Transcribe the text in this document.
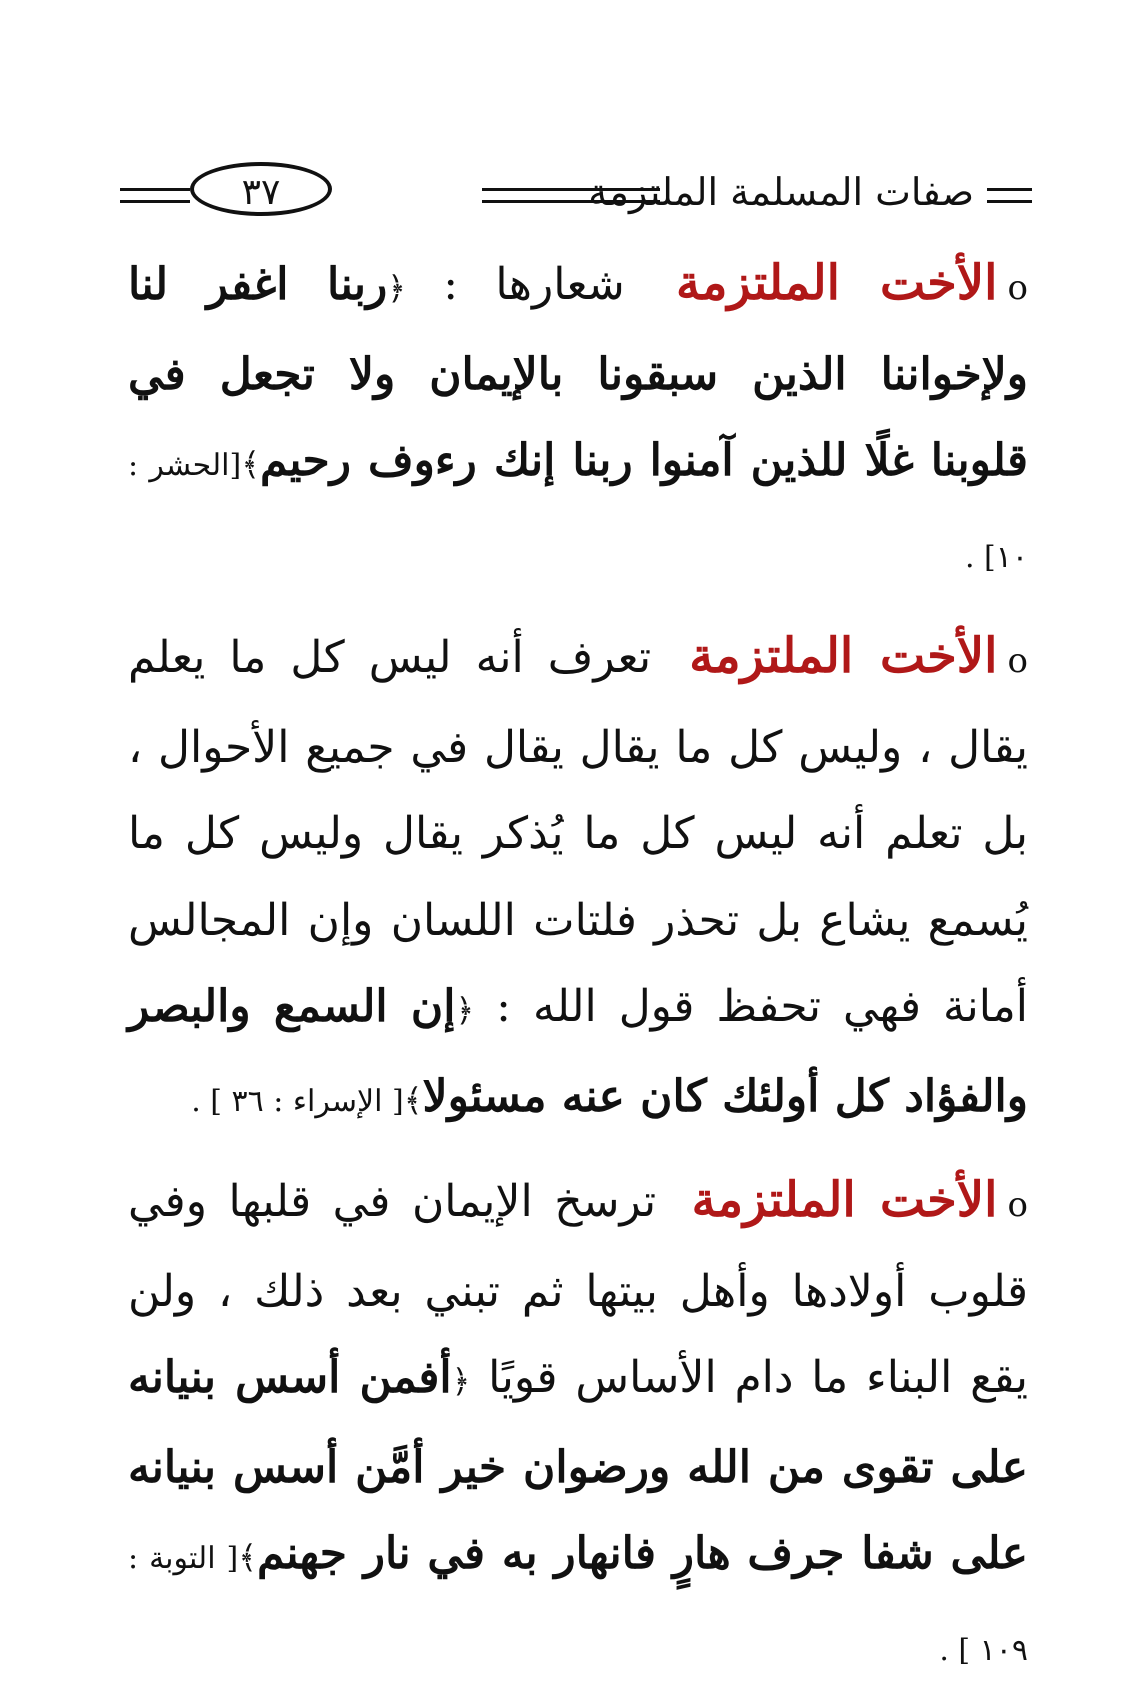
صفات المسلمة الملتزمة
٣٧

oالأخت الملتزمة شعارها : ﴿ربنا اغفر لنا ولإخواننا الذين سبقونا بالإيمان ولا تجعل في قلوبنا غلًا للذين آمنوا ربنا إنك رءوف رحيم﴾[الحشر : ١٠] .

oالأخت الملتزمة تعرف أنه ليس كل ما يعلم يقال ، وليس كل ما يقال يقال في جميع الأحوال ، بل تعلم أنه ليس كل ما يُذكر يقال وليس كل ما يُسمع يشاع بل تحذر فلتات اللسان وإن المجالس أمانة فهي تحفظ قول الله : ﴿إن السمع والبصر والفؤاد كل أولئك كان عنه مسئولا﴾[ الإسراء : ٣٦ ] .

oالأخت الملتزمة ترسخ الإيمان في قلبها وفي قلوب أولادها وأهل بيتها ثم تبني بعد ذلك ، ولن يقع البناء ما دام الأساس قويًا ﴿أفمن أسس بنيانه على تقوى من الله ورضوان خير أمَّن أسس بنيانه على شفا جرف هارٍ فانهار به في نار جهنم﴾[ التوبة : ١٠٩ ] .
